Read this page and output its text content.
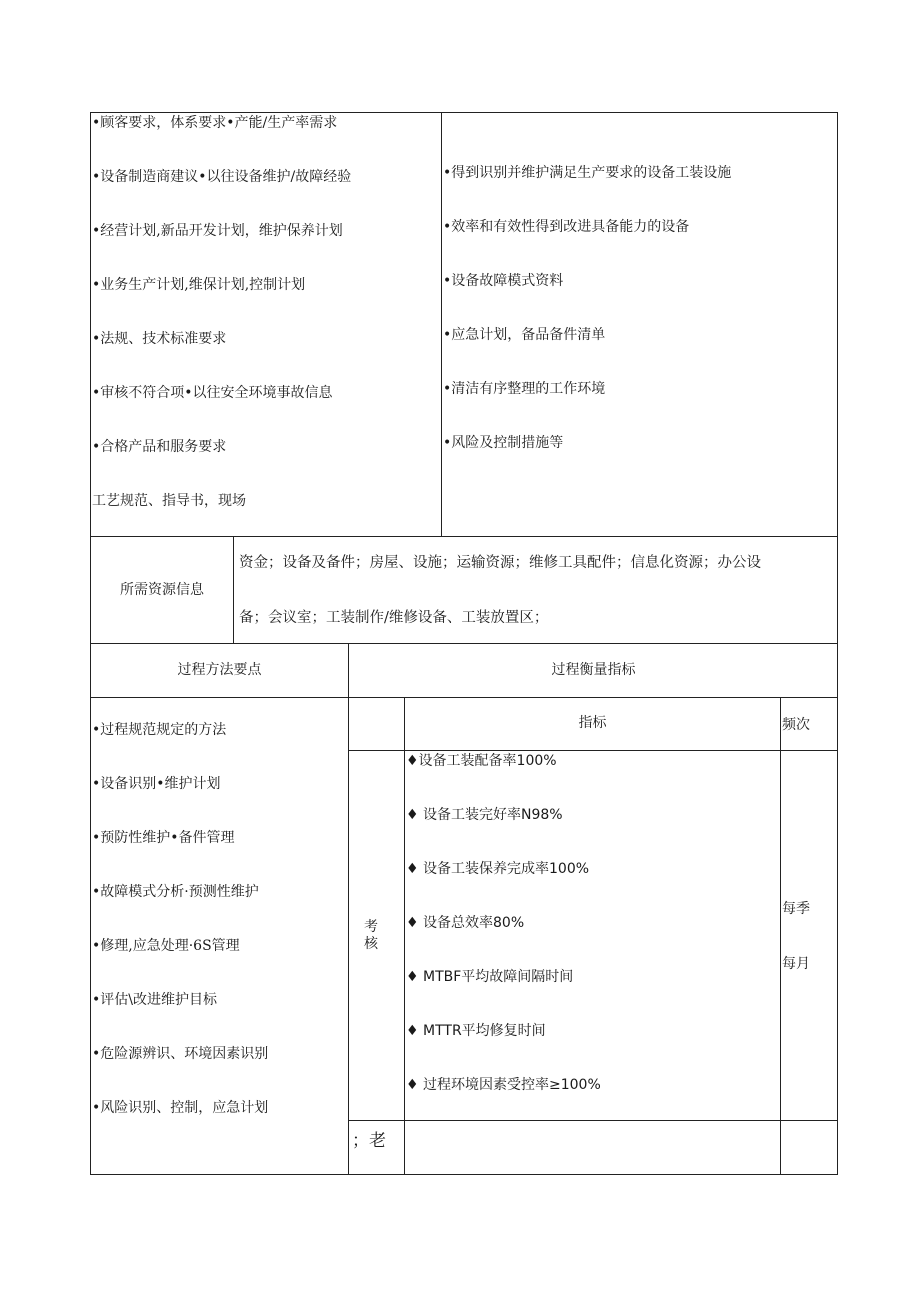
•顾客要求，体系要求•产能/生产率需求
•设备制造商建议•以往设备维护/故障经验
•经营计划,新品开发计划，维护保养计划
•业务生产计划,维保计划,控制计划
•法规、技术标准要求
•审核不符合项•以往安全环境事故信息
•合格产品和服务要求
工艺规范、指导书，现场
•得到识别并维护满足生产要求的设备工装设施
•效率和有效性得到改进具备能力的设备
•设备故障模式资料
•应急计划，备品备件清单
•清洁有序整理的工作环境
•风险及控制措施等
所需资源信息
资金；设备及备件；房屋、设施；运输资源；维修工具配件；信息化资源；办公设
备；会议室；工装制作/维修设备、工装放置区；
过程方法要点	过程衡量指标
•过程规范规定的方法
•设备识别•维护计划
•预防性维护•备件管理
•故障模式分析·预测性维护
•修理,应急处理·6S管理
•评估\改进维护目标
•危险源辨识、环境因素识别
•风险识别、控制，应急计划
指标	频次
考
核
♦设备工装配备率100%
♦ 设备工装完好率N98%
♦ 设备工装保养完成率100%
♦ 设备总效率80%
♦ MTBF平均故障间隔时间
♦ MTTR平均修复时间
♦ 过程环境因素受控率≥100%
每季
每月
；老
